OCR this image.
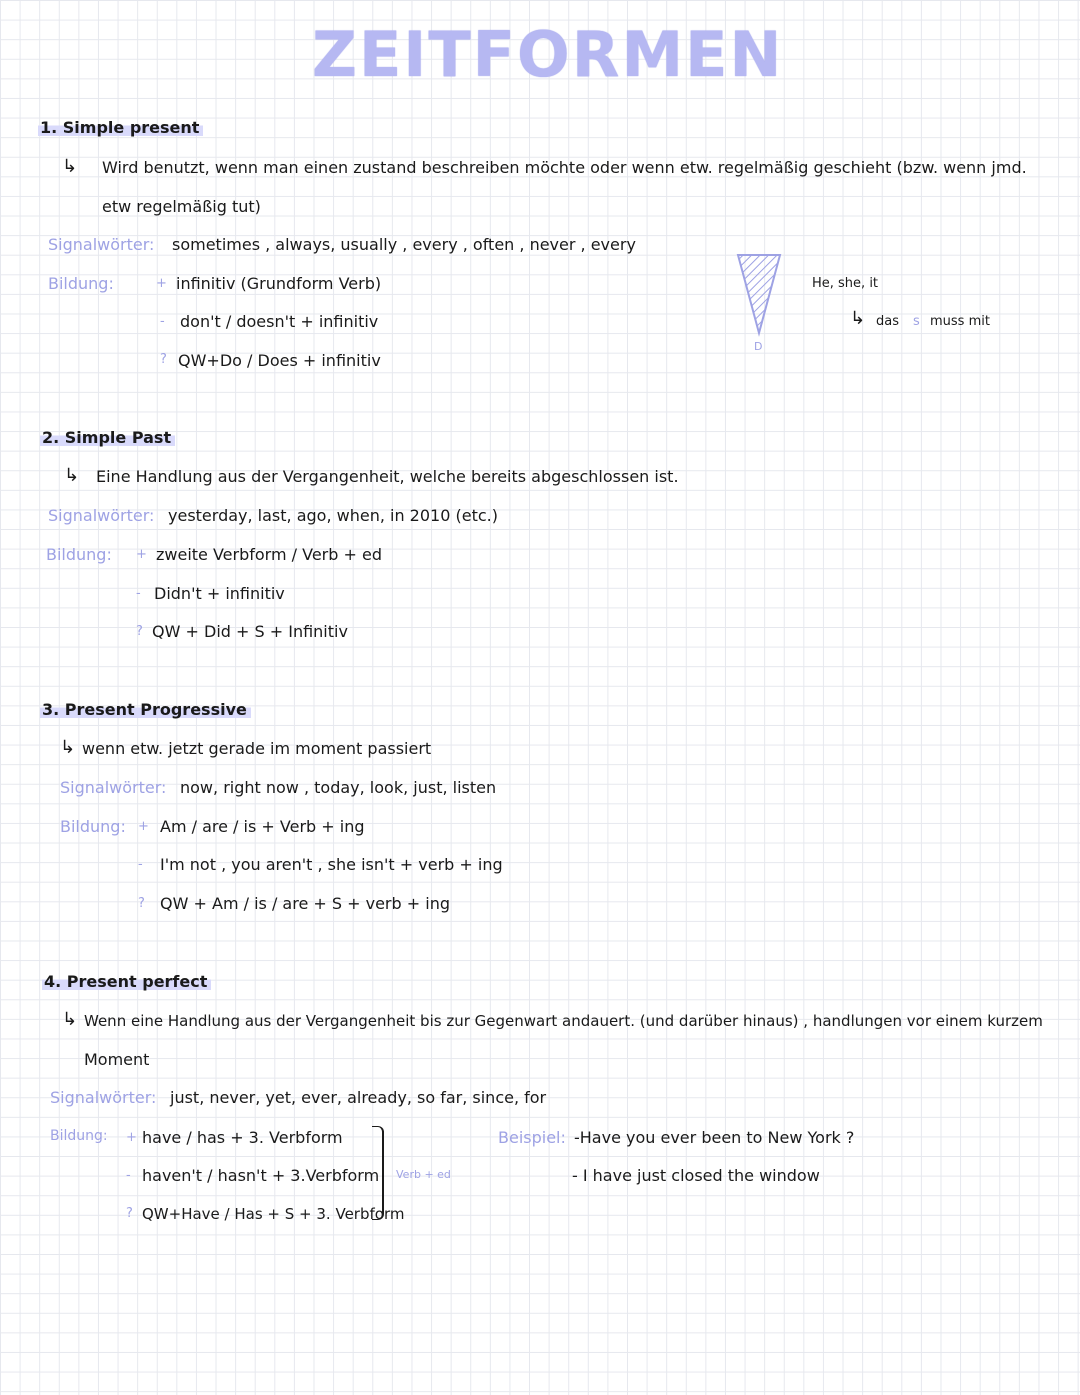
ZEITFORMEN
1. Simple present
↳ Wird benutzt, wenn man einen zustand beschreiben möchte oder wenn etw. regelmäßig geschieht (bzw. wenn jmd.
etw regelmäßig tut)
Signalwörter: sometimes , always, usually , every , often , never , every
Bildung:	+ infinitiv (Grundform Verb)
- don't / doesn't + infinitiv
? QW+Do / Does + infinitiv
D
He, she, it
↳ das s muss mit
2. Simple Past
↳ Eine Handlung aus der Vergangenheit, welche bereits abgeschlossen ist.
Signalwörter: yesterday, last, ago, when, in 2010 (etc.)
Bildung: + zweite Verbform / Verb + ed
- Didn't + infinitiv
? QW + Did + S + Infinitiv
3. Present Progressive
↳ wenn etw. jetzt gerade im moment passiert
Signalwörter: now, right now , today, look, just, listen
Bildung: + Am / are / is + Verb + ing
- I'm not , you aren't , she isn't + verb + ing
? QW + Am / is / are + S + verb + ing
4. Present perfect
↳ Wenn eine Handlung aus der Vergangenheit bis zur Gegenwart andauert. (und darüber hinaus) , handlungen vor einem kurzem
Moment
Signalwörter: just, never, yet, ever, already, so far, since, for
Bildung: + have / has + 3. Verbform
- haven't / hasn't + 3.Verbform
? QW+Have / Has + S + 3. Verbform
Verb + ed
Beispiel: -Have you ever been to New York ?
- I have just closed the window
